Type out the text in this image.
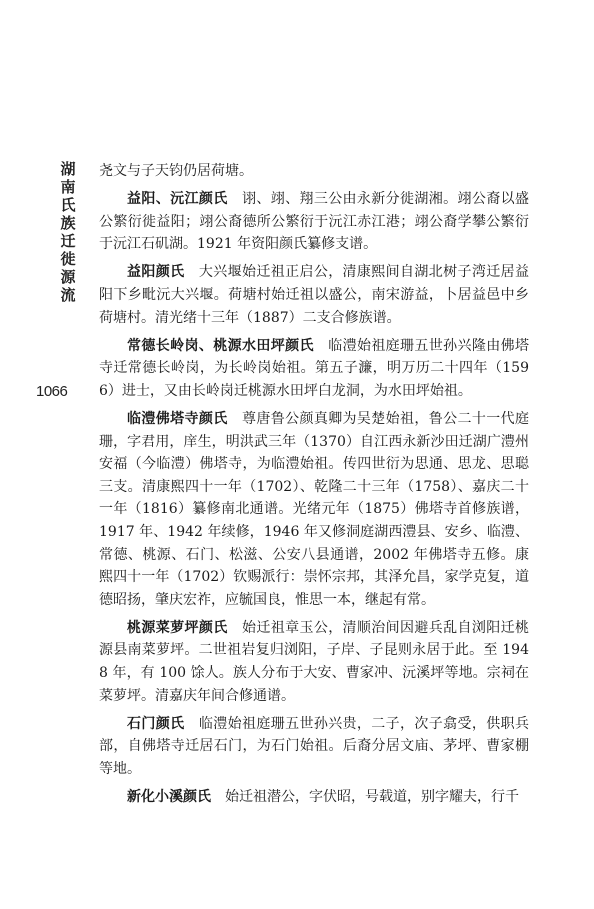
湖南氏族迁徙源流
1066

尧文与子天钧仍居荷塘。

益阳、沅江颜氏　 诩、翊、翔三公由永新分徙湖湘。翊公裔以盛公繁衍徙益阳；翊公裔德所公繁衍于沅江赤江港；翊公裔学攀公繁衍于沅江石矶湖。1921 年资阳颜氏纂修支谱。

益阳颜氏　 大兴堰始迁祖正启公，清康熙间自湖北树子湾迁居益阳下乡毗沅大兴堰。荷塘村始迁祖以盛公，南宋游益，卜居益邑中乡荷塘村。清光绪十三年（1887）二支合修族谱。

常德长岭岗、桃源水田坪颜氏　 临澧始祖庭珊五世孙兴隆由佛塔寺迁常德长岭岗，为长岭岗始祖。第五子濂，明万历二十四年（1596）进士，又由长岭岗迁桃源水田坪白龙洞，为水田坪始祖。

临澧佛塔寺颜氏　 尊唐鲁公颜真卿为吴楚始祖，鲁公二十一代庭珊，字君用，庠生，明洪武三年（1370）自江西永新沙田迁湖广澧州安福（今临澧）佛塔寺，为临澧始祖。传四世衍为思通、思龙、思聪三支。清康熙四十一年（1702）、乾隆二十三年（1758）、嘉庆二十一年（1816）纂修南北通谱。光绪元年（1875）佛塔寺首修族谱，1917 年、1942 年续修，1946 年又修洞庭湖西澧县、安乡、临澧、常德、桃源、石门、松滋、公安八县通谱，2002 年佛塔寺五修。康熙四十一年（1702）钦赐派行：崇怀宗邦，其泽允昌，家学克复，道德昭扬，肇庆宏祚，应毓国良，惟思一本，继起有常。

桃源菜萝坪颜氏　 始迁祖章玉公，清顺治间因避兵乱自浏阳迁桃源县南菜萝坪。二世祖岩复归浏阳，子岸、子昆则永居于此。至 1948 年，有 100 馀人。族人分布于大安、曹家冲、沅溪坪等地。宗祠在菜萝坪。清嘉庆年间合修通谱。

石门颜氏　 临澧始祖庭珊五世孙兴贵，二子，次子翕受，供职兵部，自佛塔寺迁居石门，为石门始祖。后裔分居文庙、茅坪、曹家棚等地。

新化小溪颜氏　 始迁祖潜公，字伏昭，号载道，别字耀夫，行千
